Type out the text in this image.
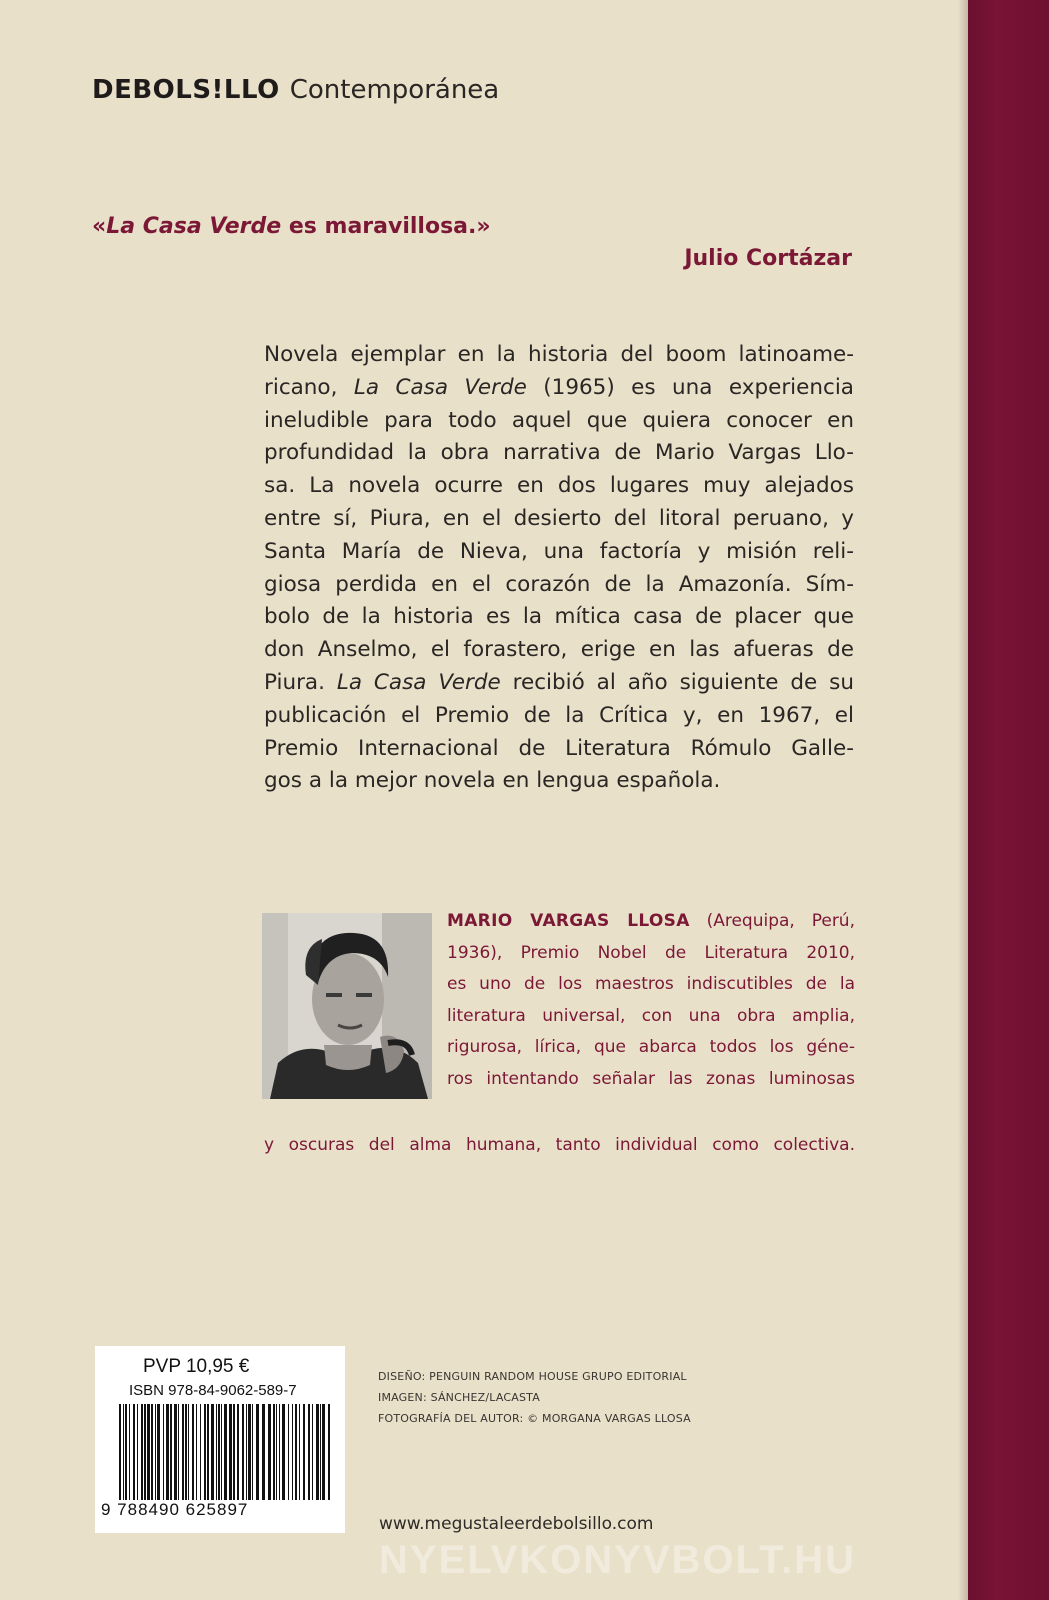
DEBOLS!LLO Contemporánea
«La Casa Verde es maravillosa.»
Julio Cortázar
Novela ejemplar en la historia del boom latinoame-
ricano, La Casa Verde (1965) es una experiencia
ineludible para todo aquel que quiera conocer en
profundidad la obra narrativa de Mario Vargas Llo-
sa. La novela ocurre en dos lugares muy alejados
entre sí, Piura, en el desierto del litoral peruano, y
Santa María de Nieva, una factoría y misión reli-
giosa perdida en el corazón de la Amazonía. Sím-
bolo de la historia es la mítica casa de placer que
don Anselmo, el forastero, erige en las afueras de
Piura. La Casa Verde recibió al año siguiente de su
publicación el Premio de la Crítica y, en 1967, el
Premio Internacional de Literatura Rómulo Galle-
gos a la mejor novela en lengua española.
MARIO VARGAS LLOSA (Arequipa, Perú,
1936), Premio Nobel de Literatura 2010,
es uno de los maestros indiscutibles de la
literatura universal, con una obra amplia,
rigurosa, lírica, que abarca todos los géne-
ros intentando señalar las zonas luminosas
y oscuras del alma humana, tanto individual como colectiva.
PVP 10,95 €
ISBN 978-84-9062-589-7
9 788490 625897
DISEÑO: PENGUIN RANDOM HOUSE GRUPO EDITORIAL
IMAGEN: SÁNCHEZ/LACASTA
FOTOGRAFÍA DEL AUTOR: © MORGANA VARGAS LLOSA
www.megustaleerdebolsillo.com
NYELVKONYVBOLT.HU
